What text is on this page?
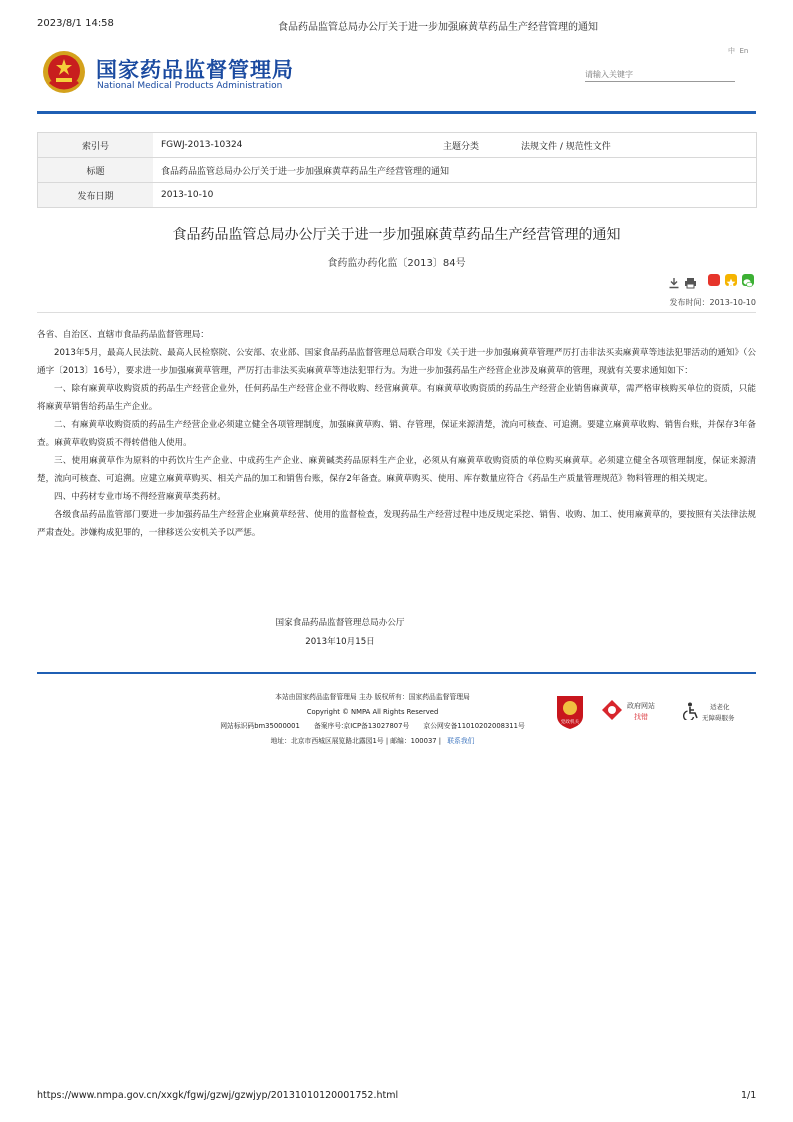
2023/8/1 14:58	食品药品监管总局办公厅关于进一步加强麻黄草药品生产经营管理的通知
国家药品监督管理局
National Medical Products Administration
中 En
请输入关键字
索引号	FGWJ-2013-10324	主题分类	法规文件 / 规范性文件
标题	食品药品监管总局办公厅关于进一步加强麻黄草药品生产经营管理的通知		
发布日期	2013-10-10		
食品药品监管总局办公厅关于进一步加强麻黄草药品生产经营管理的通知
食药监办药化监〔2013〕84号
发布时间：2013-10-10

各省、自治区、直辖市食品药品监督管理局：

2013年5月，最高人民法院、最高人民检察院、公安部、农业部、国家食品药品监督管理总局联合印发《关于进一步加强麻黄草管理严厉打击非法买卖麻黄草等违法犯罪活动的通知》（公通字〔2013〕16号），要求进一步加强麻黄草管理，严厉打击非法买卖麻黄草等违法犯罪行为。为进一步加强药品生产经营企业涉及麻黄草的管理，现就有关要求通知如下：

一、除有麻黄草收购资质的药品生产经营企业外，任何药品生产经营企业不得收购、经营麻黄草。有麻黄草收购资质的药品生产经营企业销售麻黄草，需严格审核购买单位的资质，只能将麻黄草销售给药品生产企业。

二、有麻黄草收购资质的药品生产经营企业必须建立健全各项管理制度，加强麻黄草购、销、存管理，保证来源清楚，流向可核查、可追溯。要建立麻黄草收购、销售台账，并保存3年备查。麻黄草收购资质不得转借他人使用。

三、使用麻黄草作为原料的中药饮片生产企业、中成药生产企业、麻黄碱类药品原料生产企业，必须从有麻黄草收购资质的单位购买麻黄草。必须建立健全各项管理制度，保证来源清楚，流向可核查、可追溯。应建立麻黄草购买、相关产品的加工和销售台账，保存2年备查。麻黄草购买、使用、库存数量应符合《药品生产质量管理规范》物料管理的相关规定。

四、中药材专业市场不得经营麻黄草类药材。

各级食品药品监管部门要进一步加强药品生产经营企业麻黄草经营、使用的监督检查，发现药品生产经营过程中违反规定采挖、销售、收购、加工、使用麻黄草的，要按照有关法律法规严肃查处。涉嫌构成犯罪的，一律移送公安机关予以严惩。

国家食品药品监督管理总局办公厅
2013年10月15日
本站由国家药品监督管理局 主办 版权所有：国家药品监督管理局
Copyright © NMPA All Rights Reserved
网站标识码bm35000001 备案序号:京ICP备13027807号 京公网安备11010202008311号
地址：北京市西城区展览路北露园1号 | 邮编：100037 | 联系我们
党政机关
政府网站
找错
适老化
无障碍服务
https://www.nmpa.gov.cn/xxgk/fgwj/gzwj/gzwjyp/20131010120001752.html	1/1
